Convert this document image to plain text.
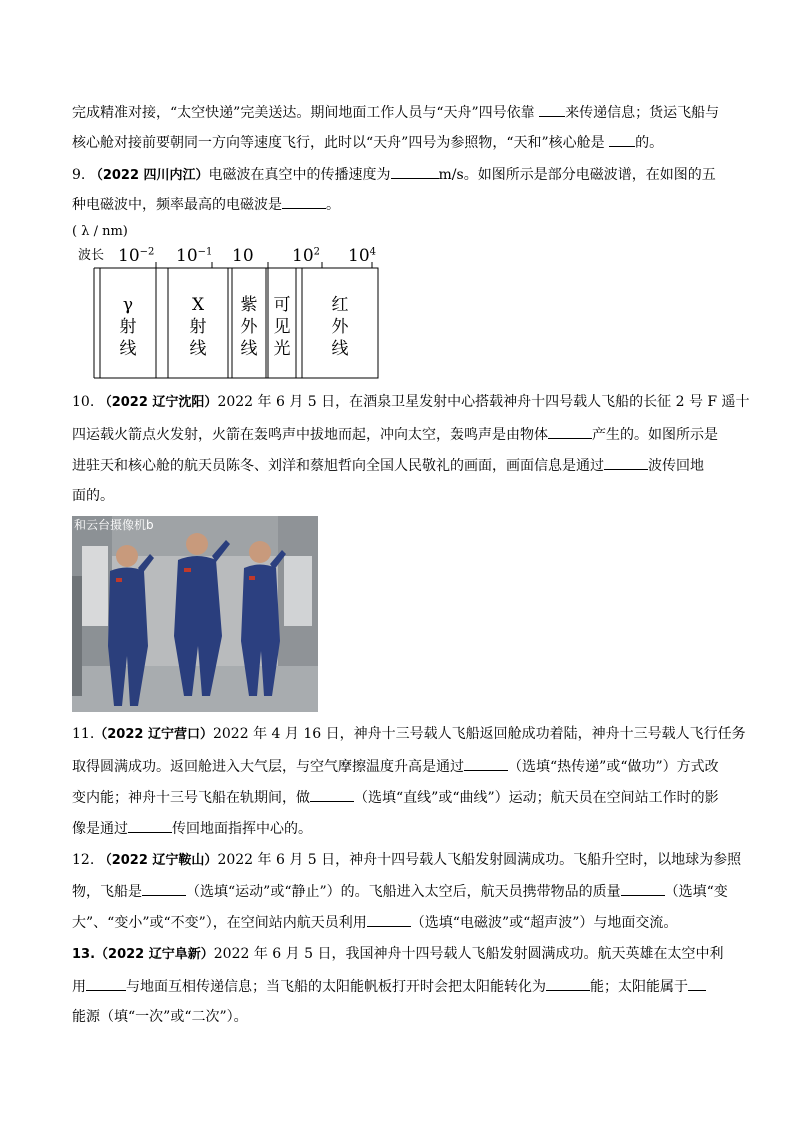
完成精准对接，“太空快递”完美送达。期间地面工作人员与“天舟”四号依靠 来传递信息；货运飞船与
核心舱对接前要朝同一方向等速度飞行，此时以“天舟”四号为参照物，“天和”核心舱是 的。
9. （2022 四川内江）电磁波在真空中的传播速度为	m/s。如图所示是部分电磁波谱，在如图的五
种电磁波中，频率最高的电磁波是	。
( λ / nm)
波长 $10^{-2}$ $10^{-1}$ 10 $10^2$ $10^4$
γ
射
线
X
射
线
紫
外
线
可
见
光
红
外
线
10. （2022 辽宁沈阳）2022 年 6 月 5 日，在酒泉卫星发射中心搭载神舟十四号载人飞船的长征 2 号 F 遥十
四运载火箭点火发射，火箭在轰鸣声中拔地而起，冲向太空，轰鸣声是由物体	产生的。如图所示是
进驻天和核心舱的航天员陈冬、刘洋和蔡旭哲向全国人民敬礼的画面，画面信息是通过	波传回地
面的。
和云台摄像机b
11.（2022 辽宁营口）2022 年 4 月 16 日，神舟十三号载人飞船返回舱成功着陆，神舟十三号载人飞行任务
取得圆满成功。返回舱进入大气层，与空气摩擦温度升高是通过	（选填“热传递”或“做功”）方式改
变内能；神舟十三号飞船在轨期间，做	（选填“直线”或“曲线”）运动；航天员在空间站工作时的影
像是通过	传回地面指挥中心的。
12. （2022 辽宁鞍山）2022 年 6 月 5 日，神舟十四号载人飞船发射圆满成功。飞船升空时，以地球为参照
物，飞船是	（选填“运动”或“静止”）的。飞船进入太空后，航天员携带物品的质量	（选填“变
大”、“变小”或“不变”），在空间站内航天员利用	（选填“电磁波”或“超声波”）与地面交流。
13.（2022 辽宁阜新）2022 年 6 月 5 日，我国神舟十四号载人飞船发射圆满成功。航天英雄在太空中利
用	与地面互相传递信息；当飞船的太阳能帆板打开时会把太阳能转化为	能；太阳能属于
能源（填“一次”或“二次”）。
